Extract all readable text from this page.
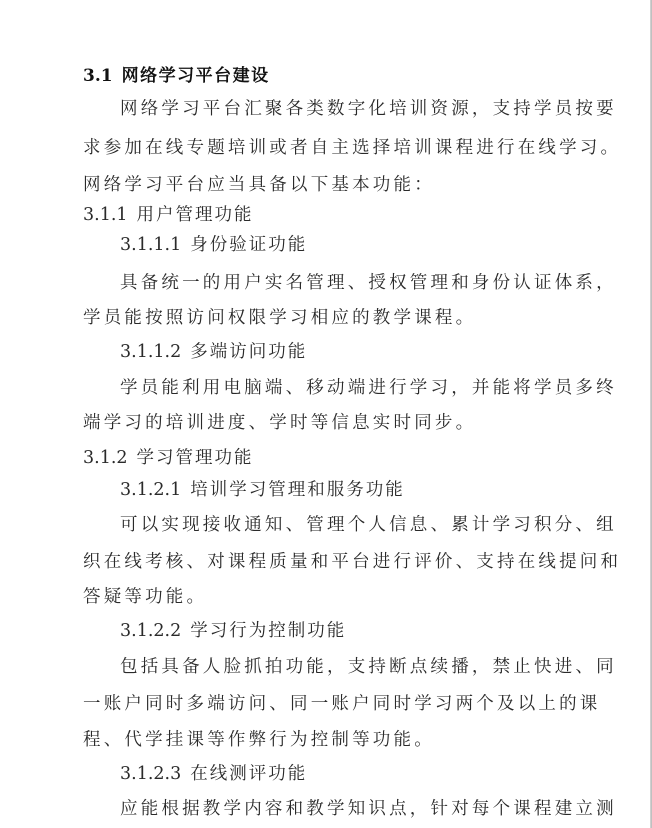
3.1 网络学习平台建设
网络学习平台汇聚各类数字化培训资源，支持学员按要
求参加在线专题培训或者自主选择培训课程进行在线学习。
网络学习平台应当具备以下基本功能：
3.1.1 用户管理功能
3.1.1.1 身份验证功能
具备统一的用户实名管理、授权管理和身份认证体系，
学员能按照访问权限学习相应的教学课程。
3.1.1.2 多端访问功能
学员能利用电脑端、移动端进行学习，并能将学员多终
端学习的培训进度、学时等信息实时同步。
3.1.2 学习管理功能
3.1.2.1 培训学习管理和服务功能
可以实现接收通知、管理个人信息、累计学习积分、组
织在线考核、对课程质量和平台进行评价、支持在线提问和
答疑等功能。
3.1.2.2 学习行为控制功能
包括具备人脸抓拍功能，支持断点续播，禁止快进、同
一账户同时多端访问、同一账户同时学习两个及以上的课
程、代学挂课等作弊行为控制等功能。
3.1.2.3 在线测评功能
应能根据教学内容和教学知识点，针对每个课程建立测
